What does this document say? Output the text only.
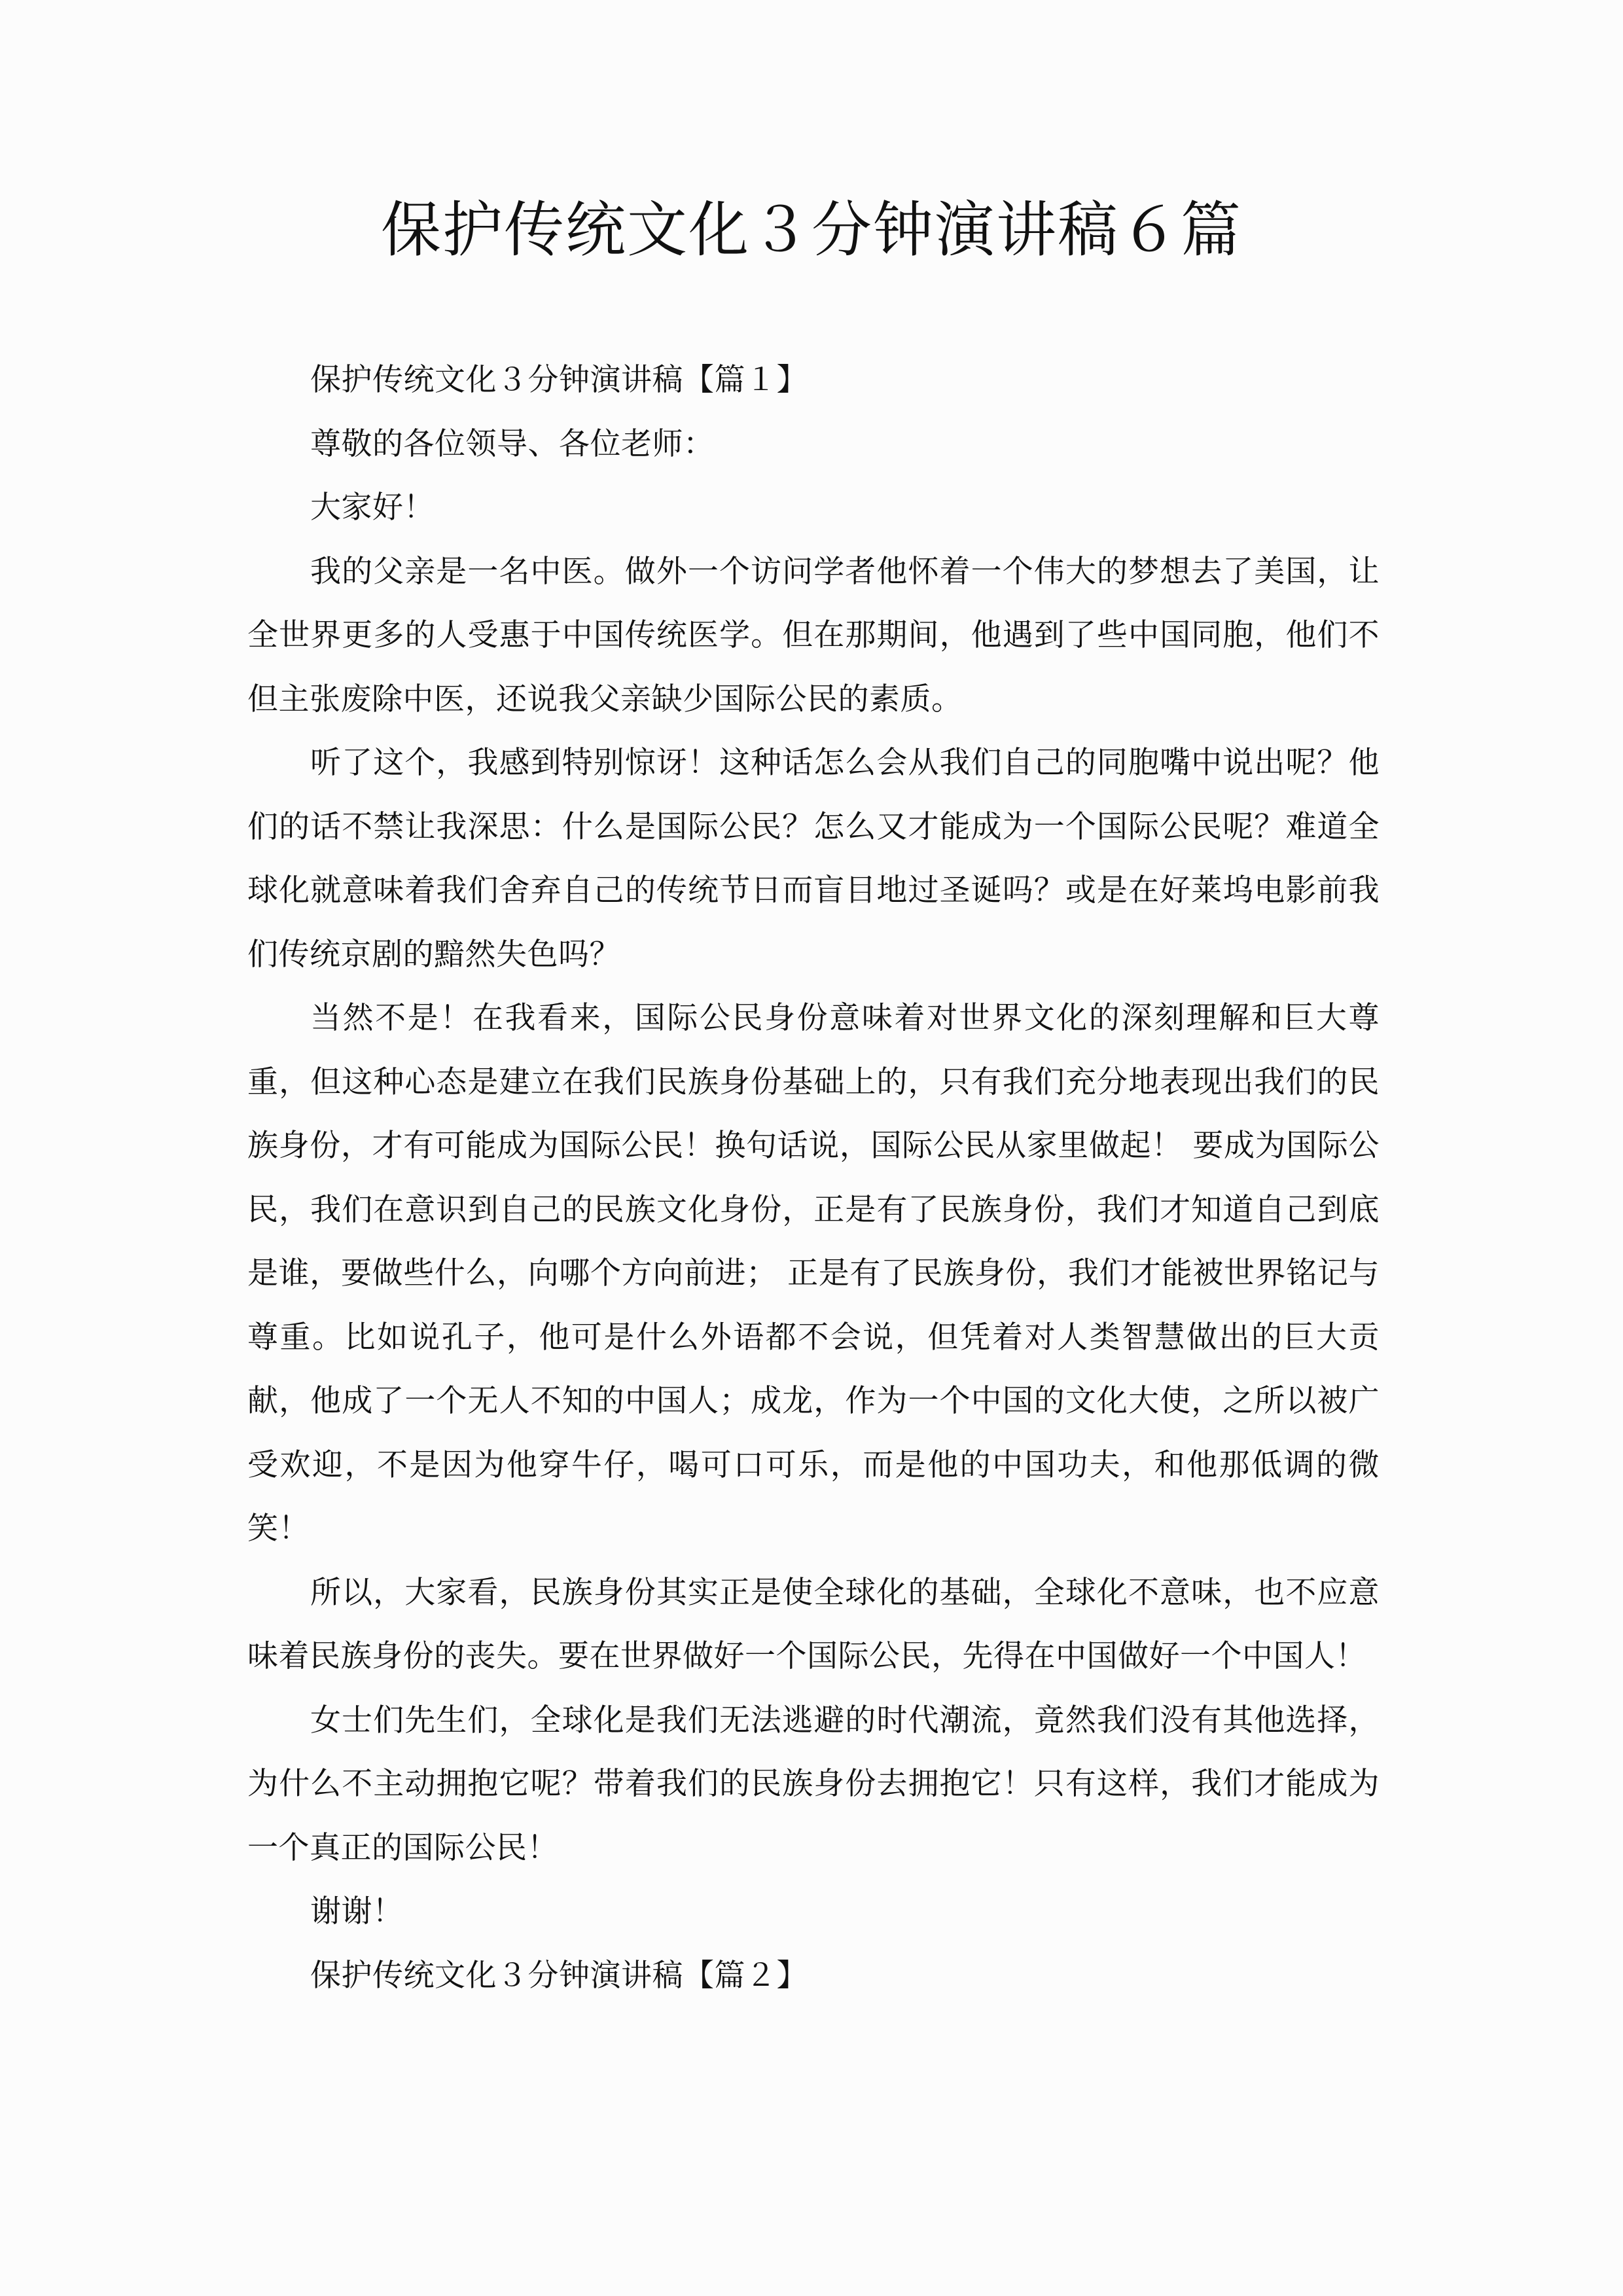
保护传统文化３分钟演讲稿６篇

保护传统文化３分钟演讲稿【篇１】

尊敬的各位领导、各位老师：

大家好！

我的父亲是一名中医。做外一个访问学者他怀着一个伟大的梦想去了美国，让全世界更多的人受惠于中国传统医学。但在那期间，他遇到了些中国同胞，他们不但主张废除中医，还说我父亲缺少国际公民的素质。

听了这个，我感到特别惊讶！这种话怎么会从我们自己的同胞嘴中说出呢？他们的话不禁让我深思：什么是国际公民？怎么又才能成为一个国际公民呢？难道全球化就意味着我们舍弃自己的传统节日而盲目地过圣诞吗？或是在好莱坞电影前我们传统京剧的黯然失色吗？

当然不是！在我看来，国际公民身份意味着对世界文化的深刻理解和巨大尊重，但这种心态是建立在我们民族身份基础上的，只有我们充分地表现出我们的民族身份，才有可能成为国际公民！换句话说，国际公民从家里做起！ 要成为国际公民，我们在意识到自己的民族文化身份，正是有了民族身份，我们才知道自己到底是谁，要做些什么，向哪个方向前进； 正是有了民族身份，我们才能被世界铭记与尊重。比如说孔子，他可是什么外语都不会说，但凭着对人类智慧做出的巨大贡献，他成了一个无人不知的中国人；成龙，作为一个中国的文化大使，之所以被广受欢迎，不是因为他穿牛仔，喝可口可乐，而是他的中国功夫，和他那低调的微笑！

所以，大家看，民族身份其实正是使全球化的基础，全球化不意味，也不应意味着民族身份的丧失。要在世界做好一个国际公民，先得在中国做好一个中国人！

女士们先生们，全球化是我们无法逃避的时代潮流，竟然我们没有其他选择，为什么不主动拥抱它呢？带着我们的民族身份去拥抱它！只有这样，我们才能成为一个真正的国际公民！

谢谢！

保护传统文化３分钟演讲稿【篇２】
